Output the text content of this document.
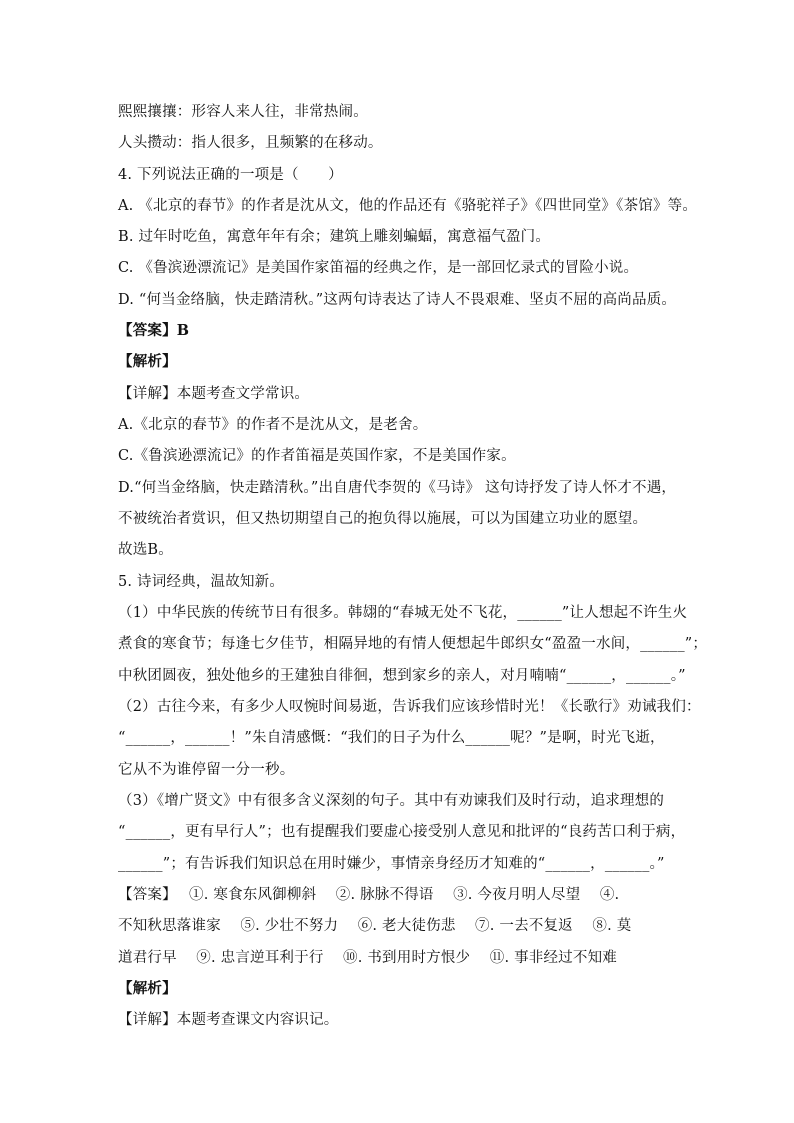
熙熙攘攘：形容人来人往，非常热闹。
人头攒动：指人很多，且频繁的在移动。
4. 下列说法正确的一项是（　　）
A. 《北京的春节》的作者是沈从文，他的作品还有《骆驼祥子》《四世同堂》《茶馆》等。
B. 过年时吃鱼，寓意年年有余；建筑上雕刻蝙蝠，寓意福气盈门。
C. 《鲁滨逊漂流记》是美国作家笛福的经典之作，是一部回忆录式的冒险小说。
D. “何当金络脑，快走踏清秋。”这两句诗表达了诗人不畏艰难、坚贞不屈的高尚品质。
【答案】B
【解析】
【详解】本题考查文学常识。
A.《北京的春节》的作者不是沈从文，是老舍。
C.《鲁滨逊漂流记》的作者笛福是英国作家，不是美国作家。
D.“何当金络脑，快走踏清秋。”出自唐代李贺的《马诗》 这句诗抒发了诗人怀才不遇，
不被统治者赏识，但又热切期望自己的抱负得以施展，可以为国建立功业的愿望。
故选B。
5. 诗词经典，温故知新。
（1）中华民族的传统节日有很多。韩翃的“春城无处不飞花，______”让人想起不许生火
煮食的寒食节；每逢七夕佳节，相隔异地的有情人便想起牛郎织女“盈盈一水间，______”；
中秋团圆夜，独处他乡的王建独自徘徊，想到家乡的亲人，对月喃喃“______，______。”
（2）古往今来，有多少人叹惋时间易逝，告诉我们应该珍惜时光！《长歌行》劝诫我们：
“______，______！”朱自清感慨：“我们的日子为什么______呢？”是啊，时光飞逝，
它从不为谁停留一分一秒。
（3）《增广贤文》中有很多含义深刻的句子。其中有劝谏我们及时行动，追求理想的
“______，更有早行人”；也有提醒我们要虚心接受别人意见和批评的“良药苦口利于病，
______”；有告诉我们知识总在用时嫌少，事情亲身经历才知难的“______，______。”
【答案】　 ①. 寒食东风御柳斜　 ②. 脉脉不得语　 ③. 今夜月明人尽望　 ④.
不知秋思落谁家　 ⑤. 少壮不努力　 ⑥. 老大徒伤悲　 ⑦. 一去不复返　 ⑧. 莫
道君行早　 ⑨. 忠言逆耳利于行　 ⑩. 书到用时方恨少　 ⑪. 事非经过不知难
【解析】
【详解】本题考查课文内容识记。
